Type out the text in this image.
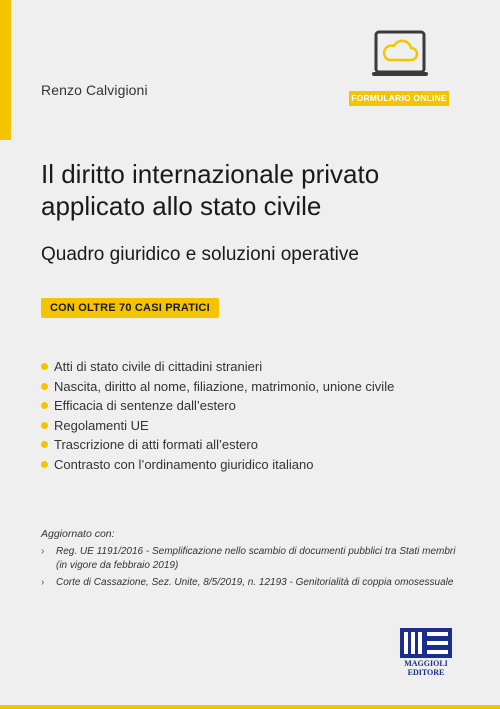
Renzo Calvigioni	FORMULARIO ONLINE
Il diritto internazionale privato
applicato allo stato civile
Quadro giuridico e soluzioni operative
CON OLTRE 70 CASI PRATICI
Atti di stato civile di cittadini stranieri
Nascita, diritto al nome, filiazione, matrimonio, unione civile
Efficacia di sentenze dall’estero
Regolamenti UE
Trascrizione di atti formati all’estero
Contrasto con l’ordinamento giuridico italiano
Aggiornato con:
› Reg. UE 1191/2016 - Semplificazione nello scambio di documenti pubblici tra Stati membri
(in vigore da febbraio 2019)
› Corte di Cassazione, Sez. Unite, 8/5/2019, n. 12193 - Genitorialità di coppia omosessuale
MAGGIOLI
EDITORE
